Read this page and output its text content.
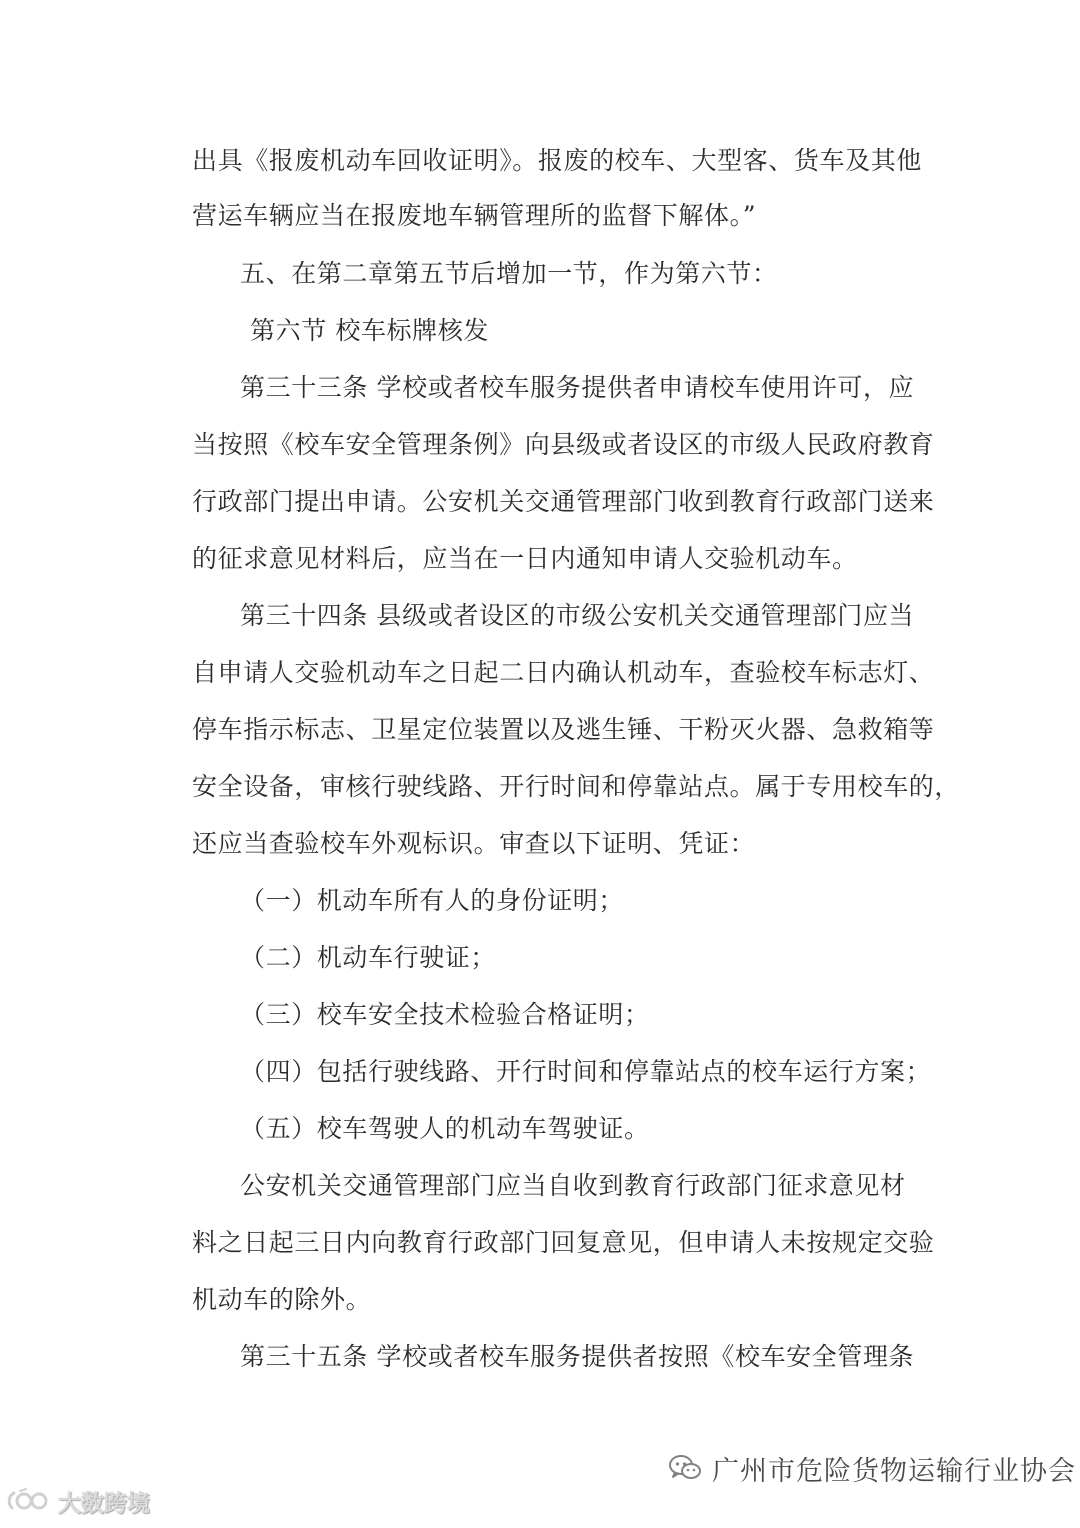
出具《报废机动车回收证明》。报废的校车、大型客、货车及其他
营运车辆应当在报废地车辆管理所的监督下解体。”
五、在第二章第五节后增加一节，作为第六节：
第六节 校车标牌核发
第三十三条 学校或者校车服务提供者申请校车使用许可，应
当按照《校车安全管理条例》向县级或者设区的市级人民政府教育
行政部门提出申请。公安机关交通管理部门收到教育行政部门送来
的征求意见材料后，应当在一日内通知申请人交验机动车。
第三十四条 县级或者设区的市级公安机关交通管理部门应当
自申请人交验机动车之日起二日内确认机动车，查验校车标志灯、
停车指示标志、卫星定位装置以及逃生锤、干粉灭火器、急救箱等
安全设备，审核行驶线路、开行时间和停靠站点。属于专用校车的，
还应当查验校车外观标识。审查以下证明、凭证：
（一）机动车所有人的身份证明；
（二）机动车行驶证；
（三）校车安全技术检验合格证明；
（四）包括行驶线路、开行时间和停靠站点的校车运行方案；
（五）校车驾驶人的机动车驾驶证。
公安机关交通管理部门应当自收到教育行政部门征求意见材
料之日起三日内向教育行政部门回复意见，但申请人未按规定交验
机动车的除外。
第三十五条 学校或者校车服务提供者按照《校车安全管理条
广州市危险货物运输行业协会
大数跨境
